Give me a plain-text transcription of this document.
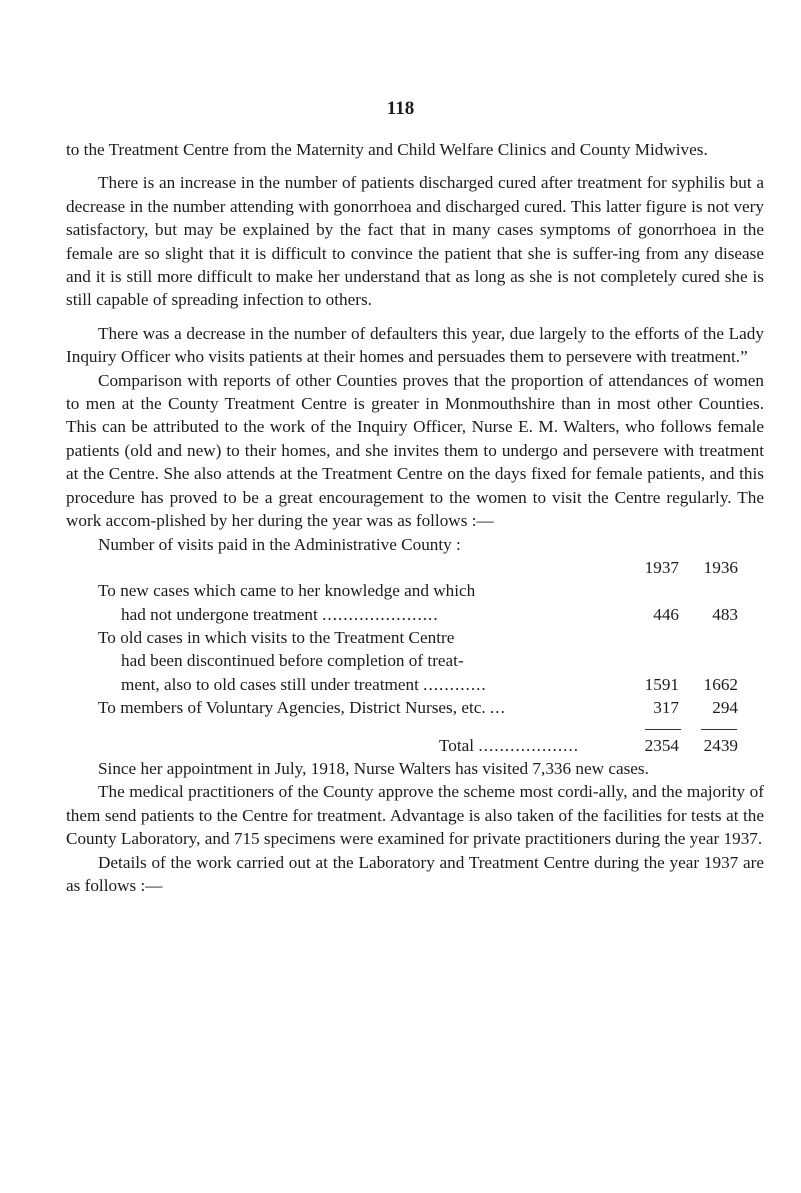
118

to the Treatment Centre from the Maternity and Child Welfare Clinics and County Midwives.

There is an increase in the number of patients discharged cured after treatment for syphilis but a decrease in the number attending with gonorrhoea and discharged cured. This latter figure is not very satisfactory, but may be explained by the fact that in many cases symptoms of gonorrhoea in the female are so slight that it is difficult to convince the patient that she is suffer-ing from any disease and it is still more difficult to make her understand that as long as she is not completely cured she is still capable of spreading infection to others.

There was a decrease in the number of defaulters this year, due largely to the efforts of the Lady Inquiry Officer who visits patients at their homes and persuades them to persevere with treatment.”

Comparison with reports of other Counties proves that the proportion of attendances of women to men at the County Treatment Centre is greater in Monmouthshire than in most other Counties. This can be attributed to the work of the Inquiry Officer, Nurse E. M. Walters, who follows female patients (old and new) to their homes, and she invites them to undergo and persevere with treatment at the Centre. She also attends at the Treatment Centre on the days fixed for female patients, and this procedure has proved to be a great encouragement to the women to visit the Centre regularly. The work accom-plished by her during the year was as follows :—

Number of visits paid in the Administrative County :

1937	1936
To new cases which came to her knowledge and which
had not undergone treatment ......................	446	483
To old cases in which visits to the Treatment Centre
had been discontinued before completion of treat-
ment, also to old cases still under treatment ............	1591	1662
To members of Voluntary Agencies, District Nurses, etc. ...	317	294
Total ...................	2354	2439

Since her appointment in July, 1918, Nurse Walters has visited 7,336 new cases.

The medical practitioners of the County approve the scheme most cordi-ally, and the majority of them send patients to the Centre for treatment. Advantage is also taken of the facilities for tests at the County Laboratory, and 715 specimens were examined for private practitioners during the year 1937.

Details of the work carried out at the Laboratory and Treatment Centre during the year 1937 are as follows :—
